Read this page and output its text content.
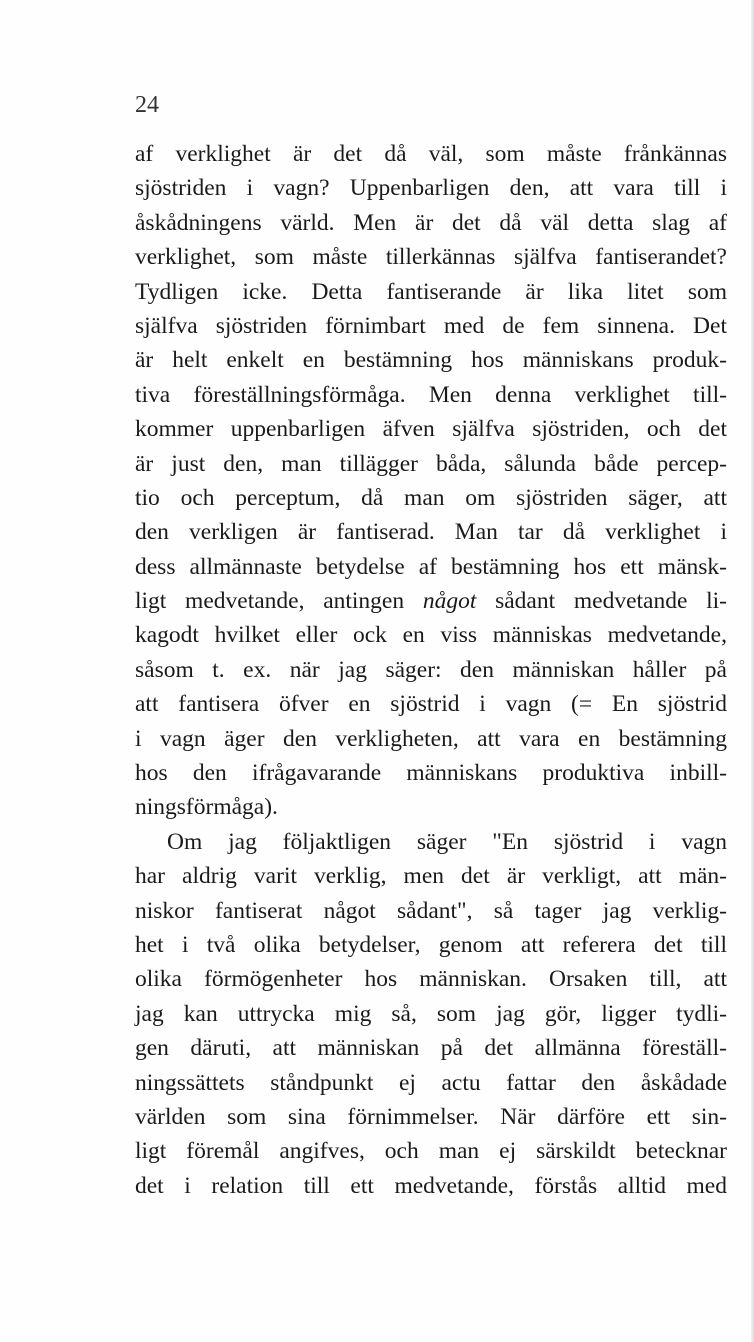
24
af verklighet är det då väl, som måste frånkännas
sjöstriden i vagn? Uppenbarligen den, att vara till i
åskådningens värld. Men är det då väl detta slag af
verklighet, som måste tillerkännas själfva fantiserandet?
Tydligen icke. Detta fantiserande är lika litet som
själfva sjöstriden förnimbart med de fem sinnena. Det
är helt enkelt en bestämning hos människans produk-
tiva föreställningsförmåga. Men denna verklighet till-
kommer uppenbarligen äfven själfva sjöstriden, och det
är just den, man tillägger båda, sålunda både percep-
tio och perceptum, då man om sjöstriden säger, att
den verkligen är fantiserad. Man tar då verklighet i
dess allmännaste betydelse af bestämning hos ett mänsk-
ligt medvetande, antingen något sådant medvetande li-
kagodt hvilket eller ock en viss människas medvetande,
såsom t. ex. när jag säger: den människan håller på
att fantisera öfver en sjöstrid i vagn (= En sjöstrid
i vagn äger den verkligheten, att vara en bestämning
hos den ifrågavarande människans produktiva inbill-
ningsförmåga).
Om jag följaktligen säger "En sjöstrid i vagn
har aldrig varit verklig, men det är verkligt, att män-
niskor fantiserat något sådant", så tager jag verklig-
het i två olika betydelser, genom att referera det till
olika förmögenheter hos människan. Orsaken till, att
jag kan uttrycka mig så, som jag gör, ligger tydli-
gen däruti, att människan på det allmänna föreställ-
ningssättets ståndpunkt ej actu fattar den åskådade
världen som sina förnimmelser. När därföre ett sin-
ligt föremål angifves, och man ej särskildt betecknar
det i relation till ett medvetande, förstås alltid med
